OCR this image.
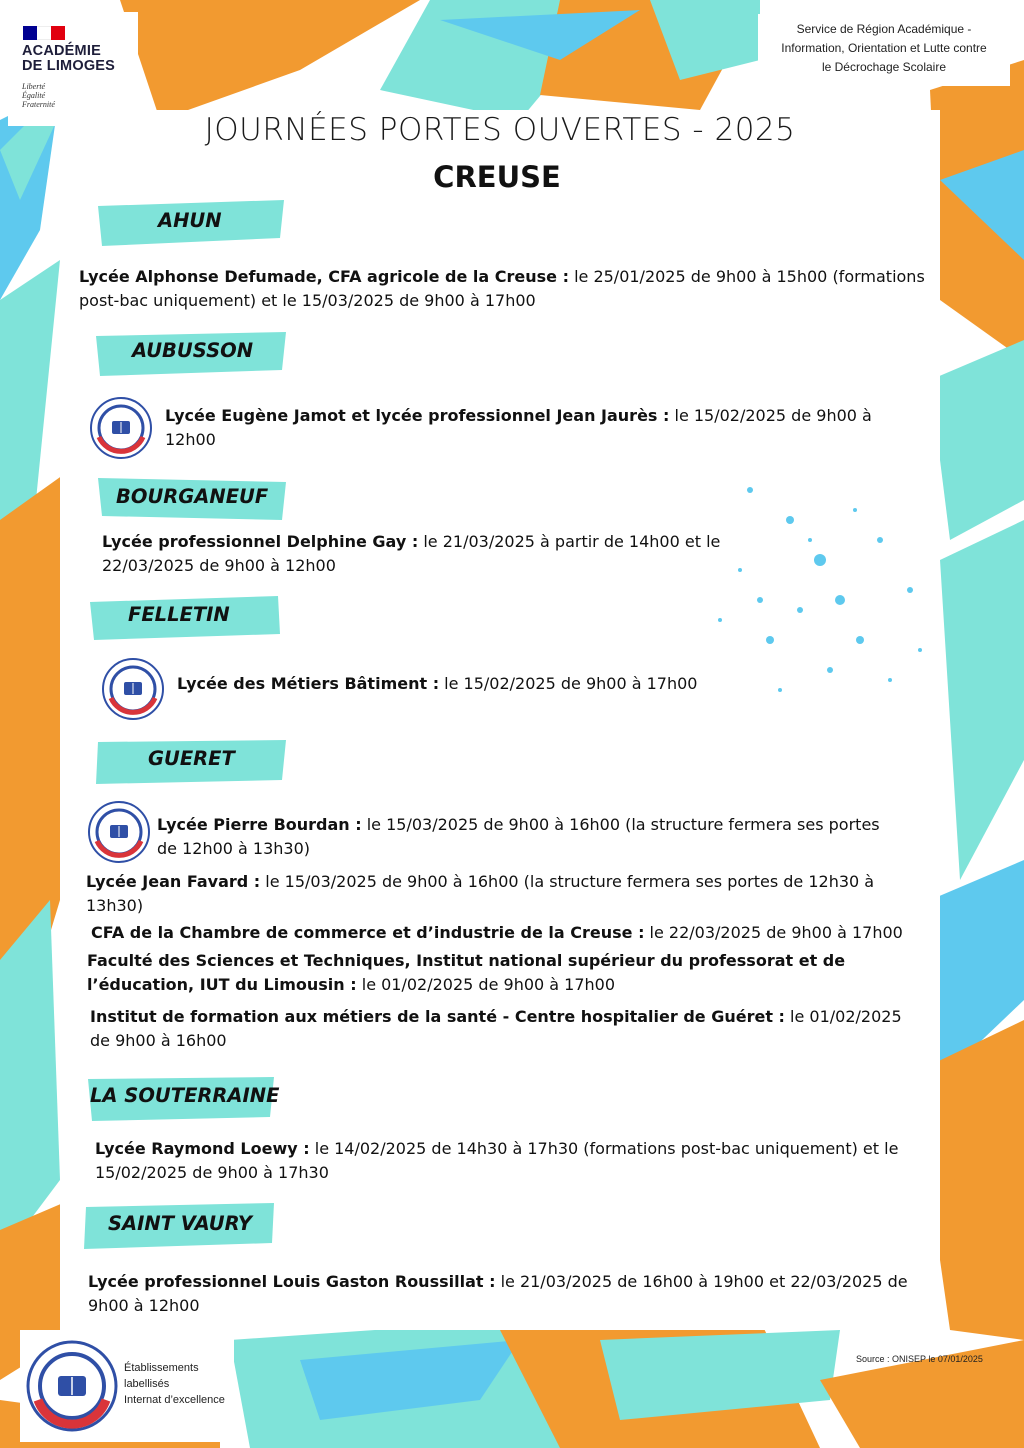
ACADÉMIE
DE LIMOGES
Liberté
Égalité
Fraternité
Service de Région Académique -
Information, Orientation et Lutte contre
le Décrochage Scolaire
JOURNÉES PORTES OUVERTES - 2025
CREUSE
AHUN
Lycée Alphonse Defumade, CFA agricole de la Creuse : le 25/01/2025 de 9h00 à 15h00 (formations
post-bac uniquement) et le 15/03/2025 de 9h00 à 17h00
AUBUSSON
Lycée Eugène Jamot et lycée professionnel Jean Jaurès : le 15/02/2025 de 9h00 à
12h00
BOURGANEUF
Lycée professionnel Delphine Gay : le 21/03/2025 à partir de 14h00 et le
22/03/2025 de 9h00 à 12h00
FELLETIN
Lycée des Métiers Bâtiment : le 15/02/2025 de 9h00 à 17h00
GUERET
Lycée Pierre Bourdan : le 15/03/2025 de 9h00 à 16h00 (la structure fermera ses portes
de 12h00 à 13h30)
Lycée Jean Favard : le 15/03/2025 de 9h00 à 16h00 (la structure fermera ses portes de 12h30 à
13h30)
CFA de la Chambre de commerce et d’industrie de la Creuse : le 22/03/2025 de 9h00 à 17h00
Faculté des Sciences et Techniques, Institut national supérieur du professorat et de
l’éducation, IUT du Limousin : le 01/02/2025 de 9h00 à 17h00
Institut de formation aux métiers de la santé - Centre hospitalier de Guéret : le 01/02/2025
de 9h00 à 16h00
LA SOUTERRAINE
Lycée Raymond Loewy : le 14/02/2025 de 14h30 à 17h30 (formations post-bac uniquement) et le
15/02/2025 de 9h00 à 17h30
SAINT VAURY
Lycée professionnel Louis Gaston Roussillat : le 21/03/2025 de 16h00 à 19h00 et 22/03/2025 de
9h00 à 12h00
Établissements
labellisés
Internat d’excellence
Source : ONISEP le 07/01/2025
